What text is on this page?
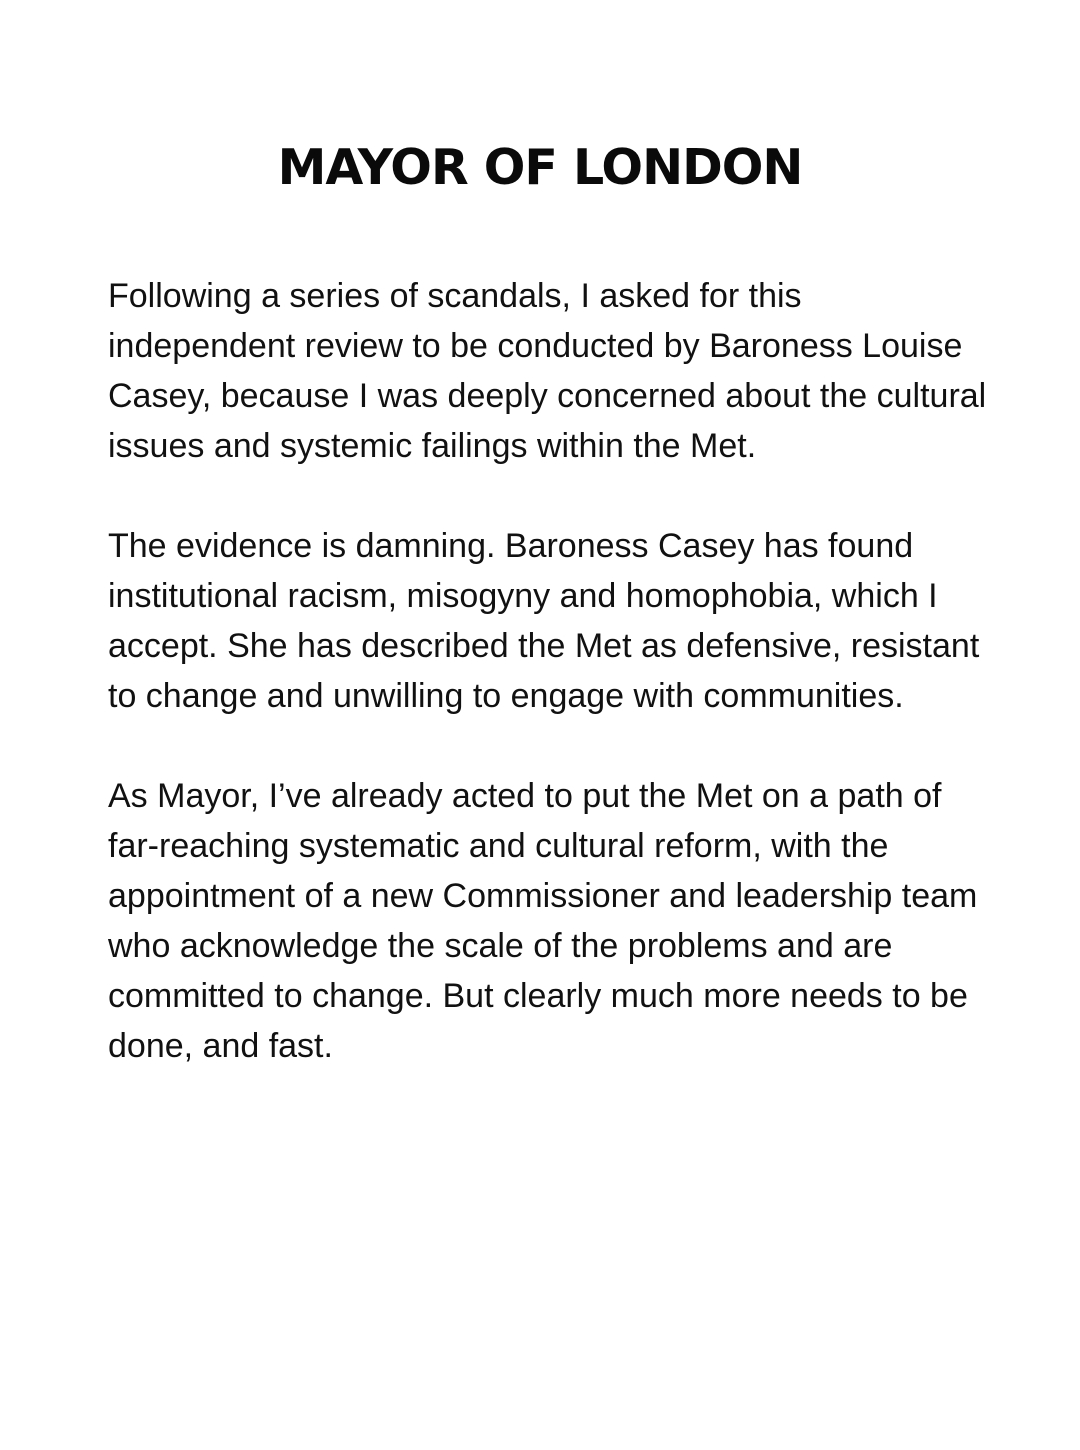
MAYOR OF LONDON

Following a series of scandals, I asked for this independent review to be conducted by Baroness Louise Casey, because I was deeply concerned about the cultural issues and systemic failings within the Met.

The evidence is damning. Baroness Casey has found institutional racism, misogyny and homophobia, which I accept. She has described the Met as defensive, resistant to change and unwilling to engage with communities.

As Mayor, I’ve already acted to put the Met on a path of far-reaching systematic and cultural reform, with the appointment of a new Commissioner and leadership team who acknowledge the scale of the problems and are committed to change. But clearly much more needs to be done, and fast.
